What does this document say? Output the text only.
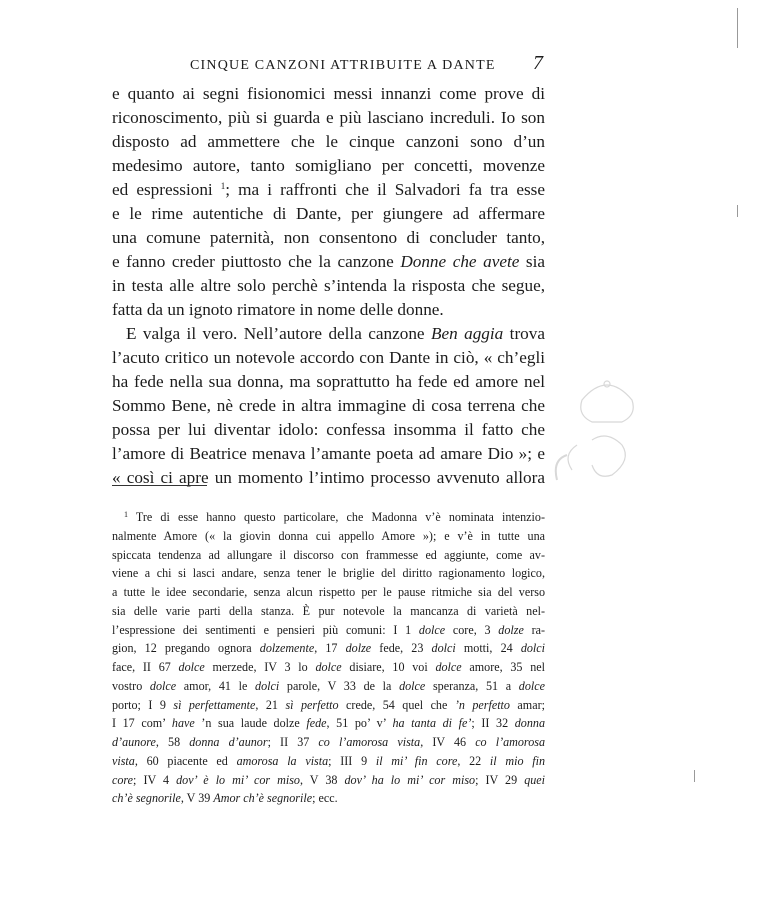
CINQUE CANZONI ATTRIBUITE A DANTE 7
e quanto ai segni fisionomici messi innanzi come prove di
riconoscimento, più si guarda e più lasciano increduli. Io son
disposto ad ammettere che le cinque canzoni sono d’un
medesimo autore, tanto somigliano per concetti, movenze
ed espressioni $^1$; ma i raffronti che il Salvadori fa tra esse
e le rime autentiche di Dante, per giungere ad affermare
una comune paternità, non consentono di concluder tanto,
e fanno creder piuttosto che la canzone Donne che avete sia
in testa alle altre solo perchè s’intenda la risposta che segue,
fatta da un ignoto rimatore in nome delle donne.
E valga il vero. Nell’autore della canzone Ben aggia trova
l’acuto critico un notevole accordo con Dante in ciò, « ch’egli
ha fede nella sua donna, ma soprattutto ha fede ed amore nel
Sommo Bene, nè crede in altra immagine di cosa terrena che
possa per lui diventar idolo: confessa insomma il fatto che
l’amore di Beatrice menava l’amante poeta ad amare Dio »; e
« così ci apre un momento l’intimo processo avvenuto allora
$^1$ Tre di esse hanno questo particolare, che Madonna v’è nominata intenzio-
nalmente Amore (« la giovin donna cui appello Amore »); e v’è in tutte una
spiccata tendenza ad allungare il discorso con frammesse ed aggiunte, come av-
viene a chi si lasci andare, senza tener le briglie del diritto ragionamento logico,
a tutte le idee secondarie, senza alcun rispetto per le pause ritmiche sia del verso
sia delle varie parti della stanza. È pur notevole la mancanza di varietà nel-
l’espressione dei sentimenti e pensieri più comuni: I 1 dolce core, 3 dolze ra-
gion, 12 pregando ognora dolzemente, 17 dolze fede, 23 dolci motti, 24 dolci
face, II 67 dolce merzede, IV 3 lo dolce disiare, 10 voi dolce amore, 35 nel
vostro dolce amor, 41 le dolci parole, V 33 de la dolce speranza, 51 a dolce
porto; I 9 sì perfettamente, 21 sì perfetto crede, 54 quel che ’n perfetto amar;
I 17 com’ have ’n sua laude dolze fede, 51 po’ v’ ha tanta di fe’; II 32 donna
d’aunore, 58 donna d’aunor; II 37 co l’amorosa vista, IV 46 co l’amorosa
vista, 60 piacente ed amorosa la vista; III 9 il mi’ fin core, 22 il mio fin
core; IV 4 dov’ è lo mi’ cor miso, V 38 dov’ ha lo mi’ cor miso; IV 29 quei
ch’è segnorile, V 39 Amor ch’è segnorile; ecc.
